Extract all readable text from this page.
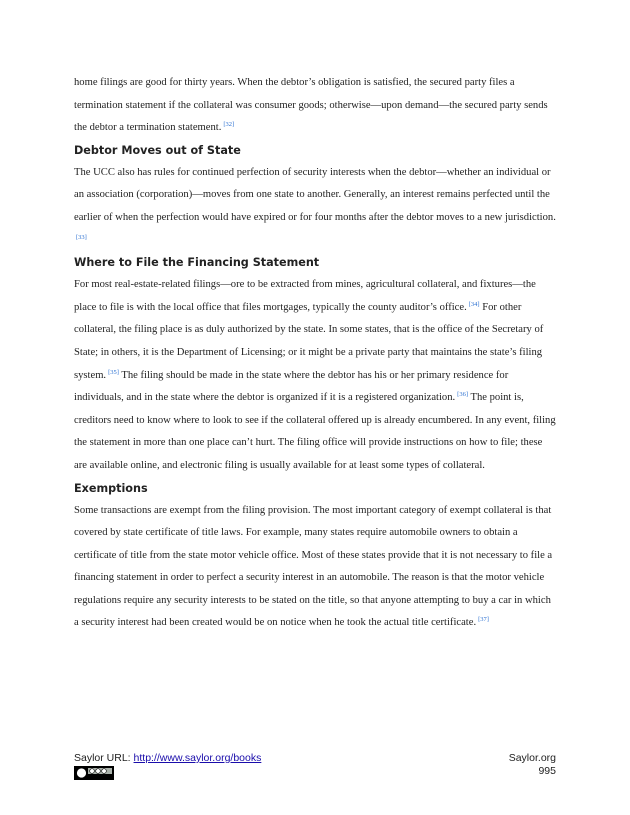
home filings are good for thirty years. When the debtor’s obligation is satisfied, the secured party files a termination statement if the collateral was consumer goods; otherwise—upon demand—the secured party sends the debtor a termination statement. [32]

Debtor Moves out of State

The UCC also has rules for continued perfection of security interests when the debtor—whether an individual or an association (corporation)—moves from one state to another. Generally, an interest remains perfected until the earlier of when the perfection would have expired or for four months after the debtor moves to a new jurisdiction.[33]

Where to File the Financing Statement

For most real-estate-related filings—ore to be extracted from mines, agricultural collateral, and fixtures—the place to file is with the local office that files mortgages, typically the county auditor’s office. [34] For other collateral, the filing place is as duly authorized by the state. In some states, that is the office of the Secretary of State; in others, it is the Department of Licensing; or it might be a private party that maintains the state’s filing system. [35] The filing should be made in the state where the debtor has his or her primary residence for individuals, and in the state where the debtor is organized if it is a registered organization. [36] The point is, creditors need to know where to look to see if the collateral offered up is already encumbered. In any event, filing the statement in more than one place can’t hurt. The filing office will provide instructions on how to file; these are available online, and electronic filing is usually available for at least some types of collateral.

Exemptions

Some transactions are exempt from the filing provision. The most important category of exempt collateral is that covered by state certificate of title laws. For example, many states require automobile owners to obtain a certificate of title from the state motor vehicle office. Most of these states provide that it is not necessary to file a financing statement in order to perfect a security interest in an automobile. The reason is that the motor vehicle regulations require any security interests to be stated on the title, so that anyone attempting to buy a car in which a security interest had been created would be on notice when he took the actual title certificate. [37]

Saylor URL: http://www.saylor.org/books	Saylor.org
995
